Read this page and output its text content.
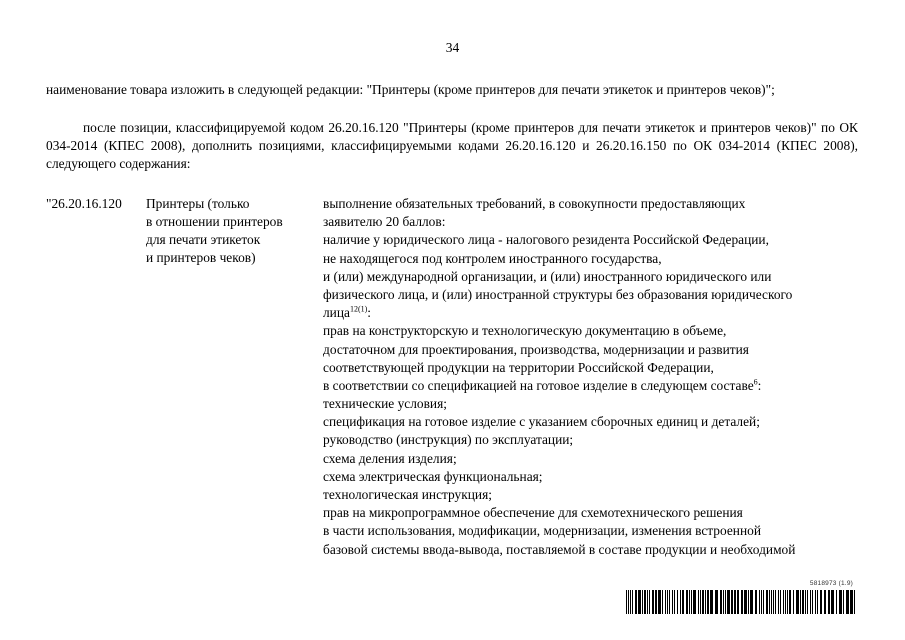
34
наименование товара изложить в следующей редакции: "Принтеры (кроме принтеров для печати этикеток и принтеров чеков)";
после позиции, классифицируемой кодом 26.20.16.120 "Принтеры (кроме принтеров для печати этикеток и принтеров чеков)" по ОК 034-2014 (КПЕС 2008), дополнить позициями, классифицируемыми кодами 26.20.16.120 и 26.20.16.150 по ОК 034-2014 (КПЕС 2008), следующего содержания:
"26.20.16.120 Принтеры (только
в отношении принтеров
для печати этикеток
и принтеров чеков)
выполнение обязательных требований, в совокупности предоставляющих
заявителю 20 баллов:
наличие у юридического лица - налогового резидента Российской Федерации,
не находящегося под контролем иностранного государства,
и (или) международной организации, и (или) иностранного юридического или
физического лица, и (или) иностранной структуры без образования юридического
лица$^{12(1)}$:
прав на конструкторскую и технологическую документацию в объеме,
достаточном для проектирования, производства, модернизации и развития
соответствующей продукции на территории Российской Федерации,
в соответствии со спецификацией на готовое изделие в следующем составе$^6$:
технические условия;
спецификация на готовое изделие с указанием сборочных единиц и деталей;
руководство (инструкция) по эксплуатации;
схема деления изделия;
схема электрическая функциональная;
технологическая инструкция;
прав на микропрограммное обеспечение для схемотехнического решения
в части использования, модификации, модернизации, изменения встроенной
базовой системы ввода-вывода, поставляемой в составе продукции и необходимой
5818973 (1.9)
